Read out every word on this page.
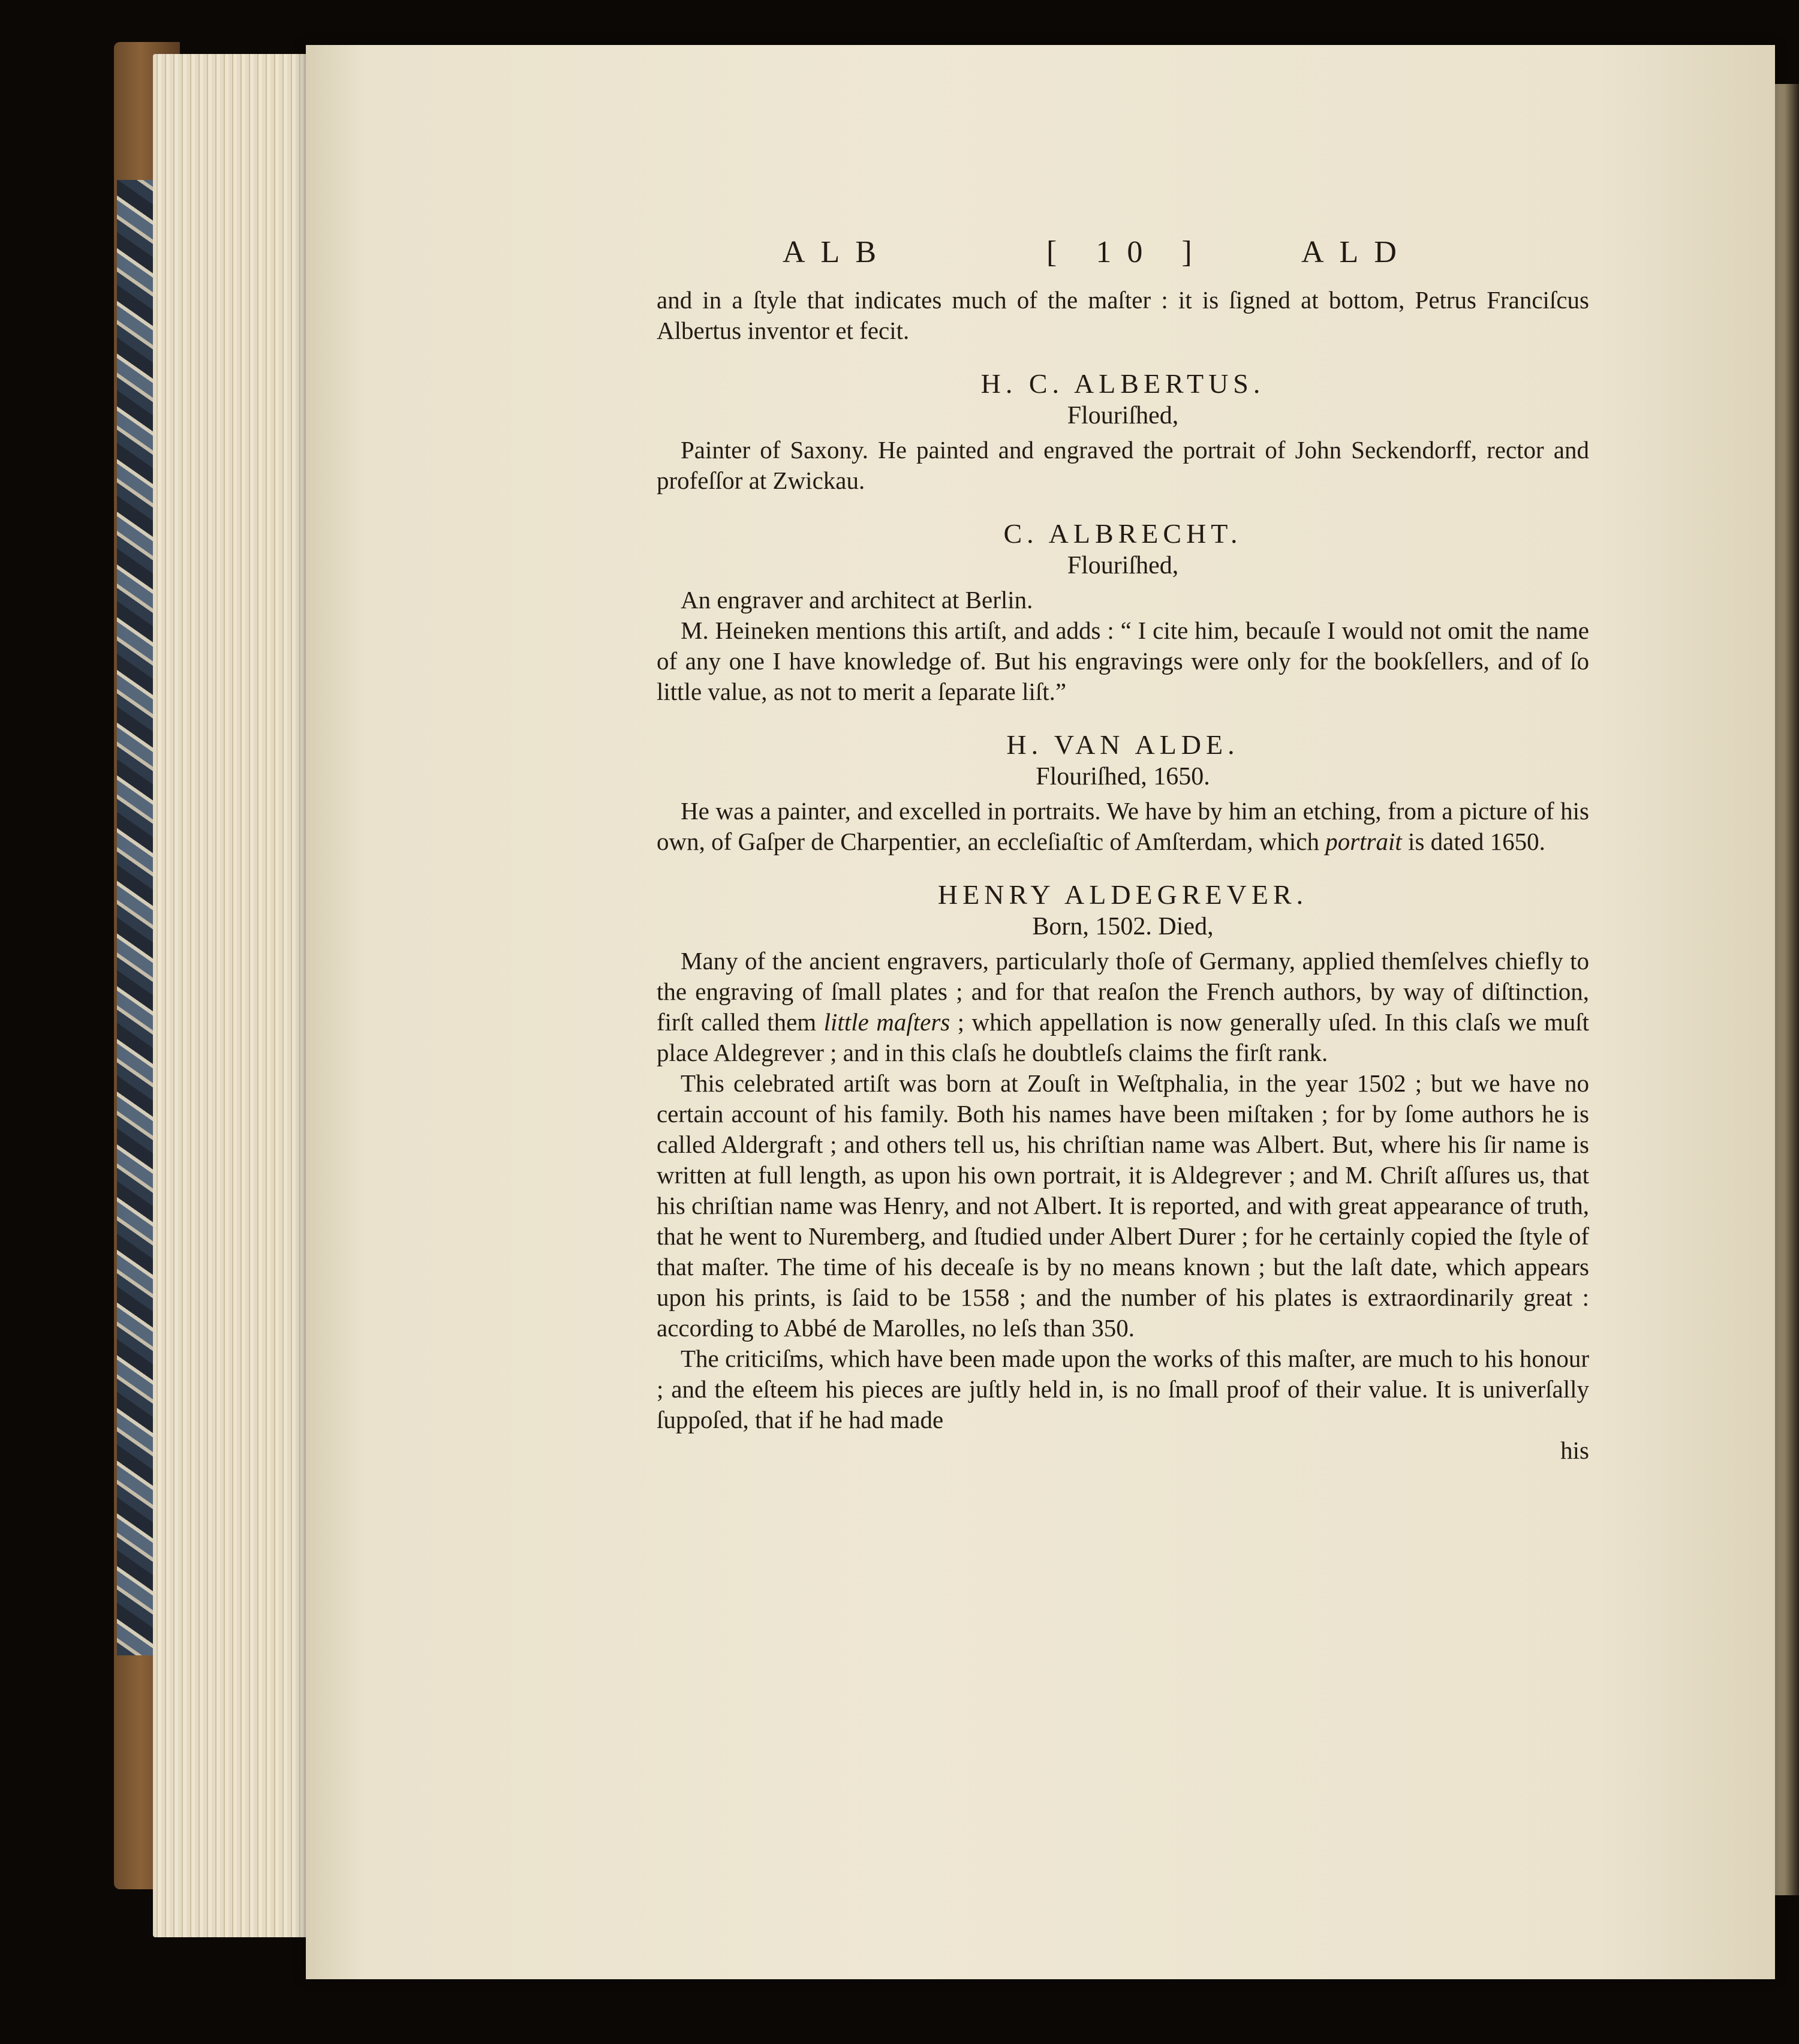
ALB	[ 10 ]	ALD

and in a ſtyle that indicates much of the maſter : it is ſigned at bottom, Petrus Franciſcus Albertus inventor et fecit.

H. C. ALBERTUS.
Flouriſhed,

Painter of Saxony. He painted and engraved the portrait of John Seckendorff, rector and profeſſor at Zwickau.

C. ALBRECHT.
Flouriſhed,

An engraver and architect at Berlin.

M. Heineken mentions this artiſt, and adds : “ I cite him, becauſe I would not omit the name of any one I have knowledge of. But his engravings were only for the bookſellers, and of ſo little value, as not to merit a ſeparate liſt.”

H. VAN ALDE.
Flouriſhed, 1650.

He was a painter, and excelled in portraits. We have by him an etching, from a picture of his own, of Gaſper de Charpentier, an eccleſiaſtic of Amſterdam, which portrait is dated 1650.

HENRY ALDEGREVER.
Born, 1502. Died,

Many of the ancient engravers, particularly thoſe of Germany, applied themſelves chiefly to the engraving of ſmall plates ; and for that reaſon the French authors, by way of diſtinction, firſt called them little maſters ; which appellation is now generally uſed. In this claſs we muſt place Aldegrever ; and in this claſs he doubtleſs claims the firſt rank.

This celebrated artiſt was born at Zouſt in Weſtphalia, in the year 1502 ; but we have no certain account of his family. Both his names have been miſtaken ; for by ſome authors he is called Aldergraft ; and others tell us, his chriſtian name was Albert. But, where his ſir name is written at full length, as upon his own portrait, it is Aldegrever ; and M. Chriſt aſſures us, that his chriſtian name was Henry, and not Albert. It is reported, and with great appearance of truth, that he went to Nuremberg, and ſtudied under Albert Durer ; for he certainly copied the ſtyle of that maſter. The time of his deceaſe is by no means known ; but the laſt date, which appears upon his prints, is ſaid to be 1558 ; and the number of his plates is extraordinarily great : according to Abbé de Marolles, no leſs than 350.

The criticiſms, which have been made upon the works of this maſter, are much to his honour ; and the eſteem his pieces are juſtly held in, is no ſmall proof of their value. It is univerſally ſuppoſed, that if he had made

his
